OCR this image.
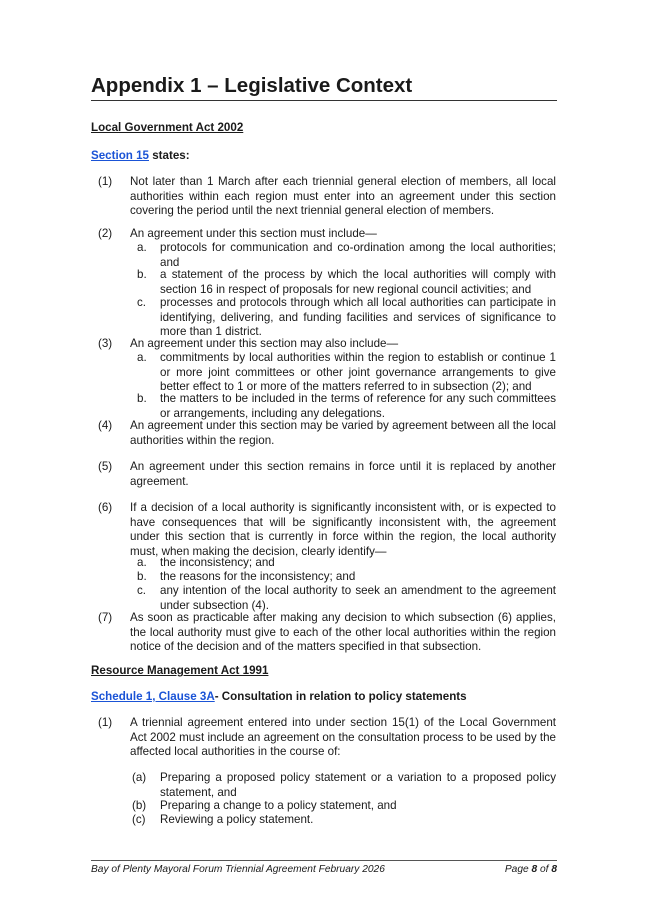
Appendix 1 – Legislative Context
Local Government Act 2002
Section 15 states:
(1)	Not later than 1 March after each triennial general election of members, all local authorities within each region must enter into an agreement under this section covering the period until the next triennial general election of members.
(2)	An agreement under this section must include—
a.	protocols for communication and co-ordination among the local authorities; and
b.	a statement of the process by which the local authorities will comply with section 16 in respect of proposals for new regional council activities; and
c.	processes and protocols through which all local authorities can participate in identifying, delivering, and funding facilities and services of significance to more than 1 district.
(3)	An agreement under this section may also include—
a.	commitments by local authorities within the region to establish or continue 1 or more joint committees or other joint governance arrangements to give better effect to 1 or more of the matters referred to in subsection (2); and
b.	the matters to be included in the terms of reference for any such committees or arrangements, including any delegations.
(4)	An agreement under this section may be varied by agreement between all the local authorities within the region.
(5)	An agreement under this section remains in force until it is replaced by another agreement.
(6)	If a decision of a local authority is significantly inconsistent with, or is expected to have consequences that will be significantly inconsistent with, the agreement under this section that is currently in force within the region, the local authority must, when making the decision, clearly identify—
a.	the inconsistency; and
b.	the reasons for the inconsistency; and
c.	any intention of the local authority to seek an amendment to the agreement under subsection (4).
(7)	As soon as practicable after making any decision to which subsection (6) applies, the local authority must give to each of the other local authorities within the region notice of the decision and of the matters specified in that subsection.
Resource Management Act 1991
Schedule 1, Clause 3A- Consultation in relation to policy statements
(1)	A triennial agreement entered into under section 15(1) of the Local Government Act 2002 must include an agreement on the consultation process to be used by the affected local authorities in the course of:
(a)	Preparing a proposed policy statement or a variation to a proposed policy statement, and
(b)	Preparing a change to a policy statement, and
(c)	Reviewing a policy statement.
Bay of Plenty Mayoral Forum Triennial Agreement February 2026	Page 8 of 8
